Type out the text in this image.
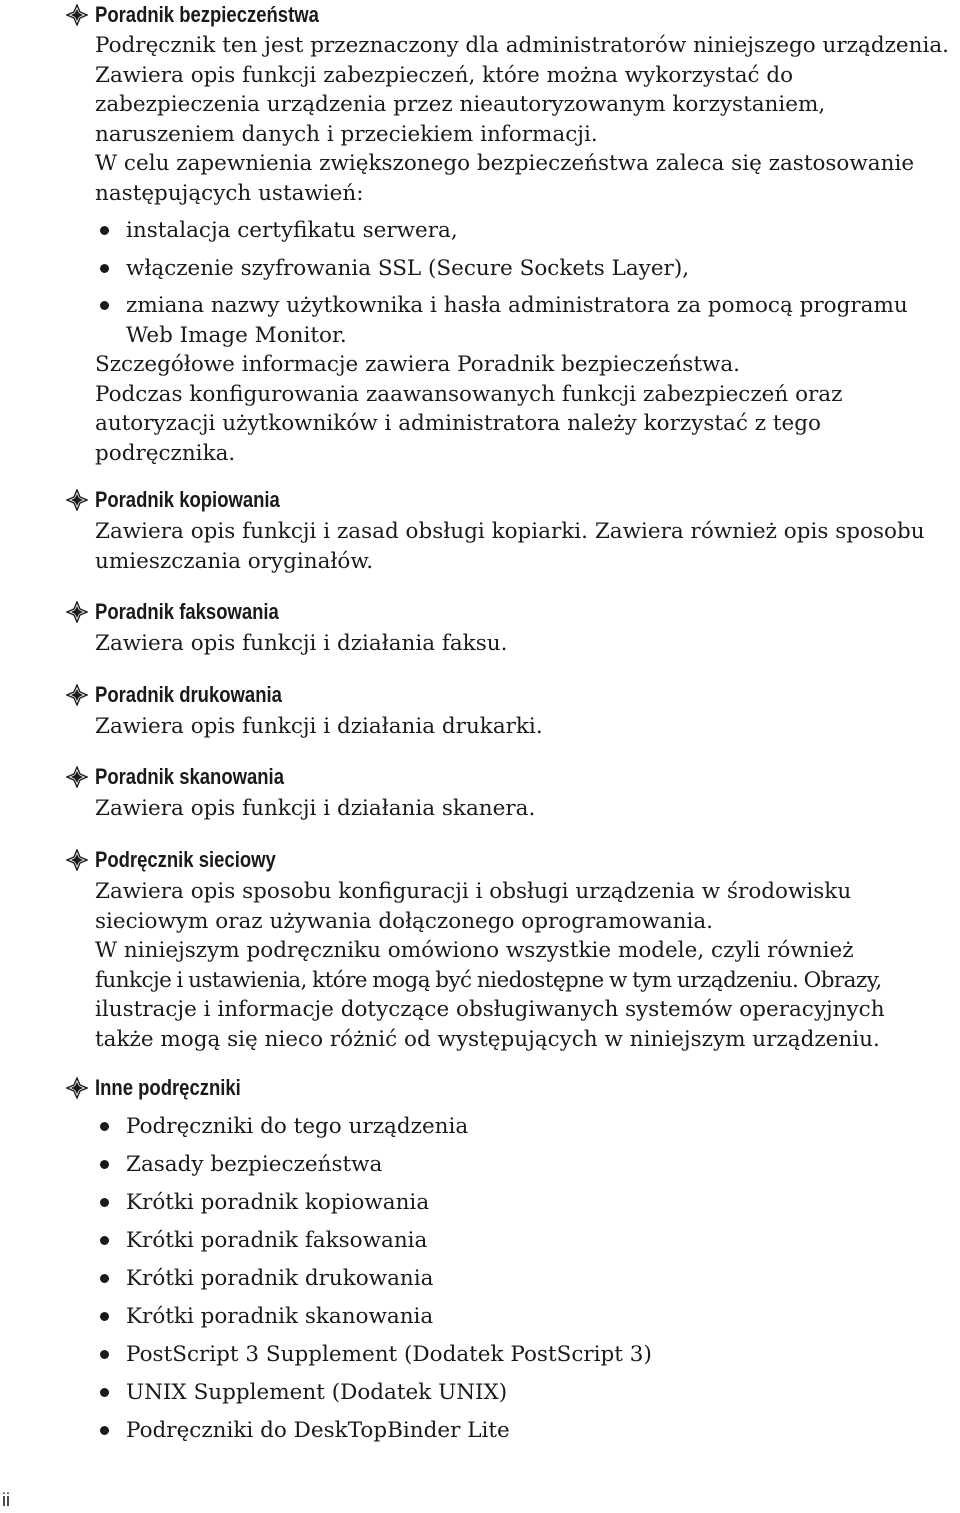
Poradnik bezpieczeństwa
Podręcznik ten jest przeznaczony dla administratorów niniejszego urządzenia. Zawiera opis funkcji zabezpieczeń, które można wykorzystać do zabezpieczenia urządzenia przez nieautoryzowanym korzystaniem, naruszeniem danych i przeciekiem informacji.
W celu zapewnienia zwiększonego bezpieczeństwa zaleca się zastosowanie następujących ustawień:
instalacja certyfikatu serwera,
włączenie szyfrowania SSL (Secure Sockets Layer),
zmiana nazwy użytkownika i hasła administratora za pomocą programu Web Image Monitor.
Szczegółowe informacje zawiera Poradnik bezpieczeństwa.
Podczas konfigurowania zaawansowanych funkcji zabezpieczeń oraz autoryzacji użytkowników i administratora należy korzystać z tego podręcznika.
Poradnik kopiowania
Zawiera opis funkcji i zasad obsługi kopiarki. Zawiera również opis sposobu umieszczania oryginałów.
Poradnik faksowania
Zawiera opis funkcji i działania faksu.
Poradnik drukowania
Zawiera opis funkcji i działania drukarki.
Poradnik skanowania
Zawiera opis funkcji i działania skanera.
Podręcznik sieciowy
Zawiera opis sposobu konfiguracji i obsługi urządzenia w środowisku sieciowym oraz używania dołączonego oprogramowania.
W niniejszym podręczniku omówiono wszystkie modele, czyli również
funkcje i ustawienia, które mogą być niedostępne w tym urządzeniu. Obrazy,
ilustracje i informacje dotyczące obsługiwanych systemów operacyjnych
także mogą się nieco różnić od występujących w niniejszym urządzeniu.
Inne podręczniki
Podręczniki do tego urządzenia
Zasady bezpieczeństwa
Krótki poradnik kopiowania
Krótki poradnik faksowania
Krótki poradnik drukowania
Krótki poradnik skanowania
PostScript 3 Supplement (Dodatek PostScript 3)
UNIX Supplement (Dodatek UNIX)
Podręczniki do DeskTopBinder Lite
ii
